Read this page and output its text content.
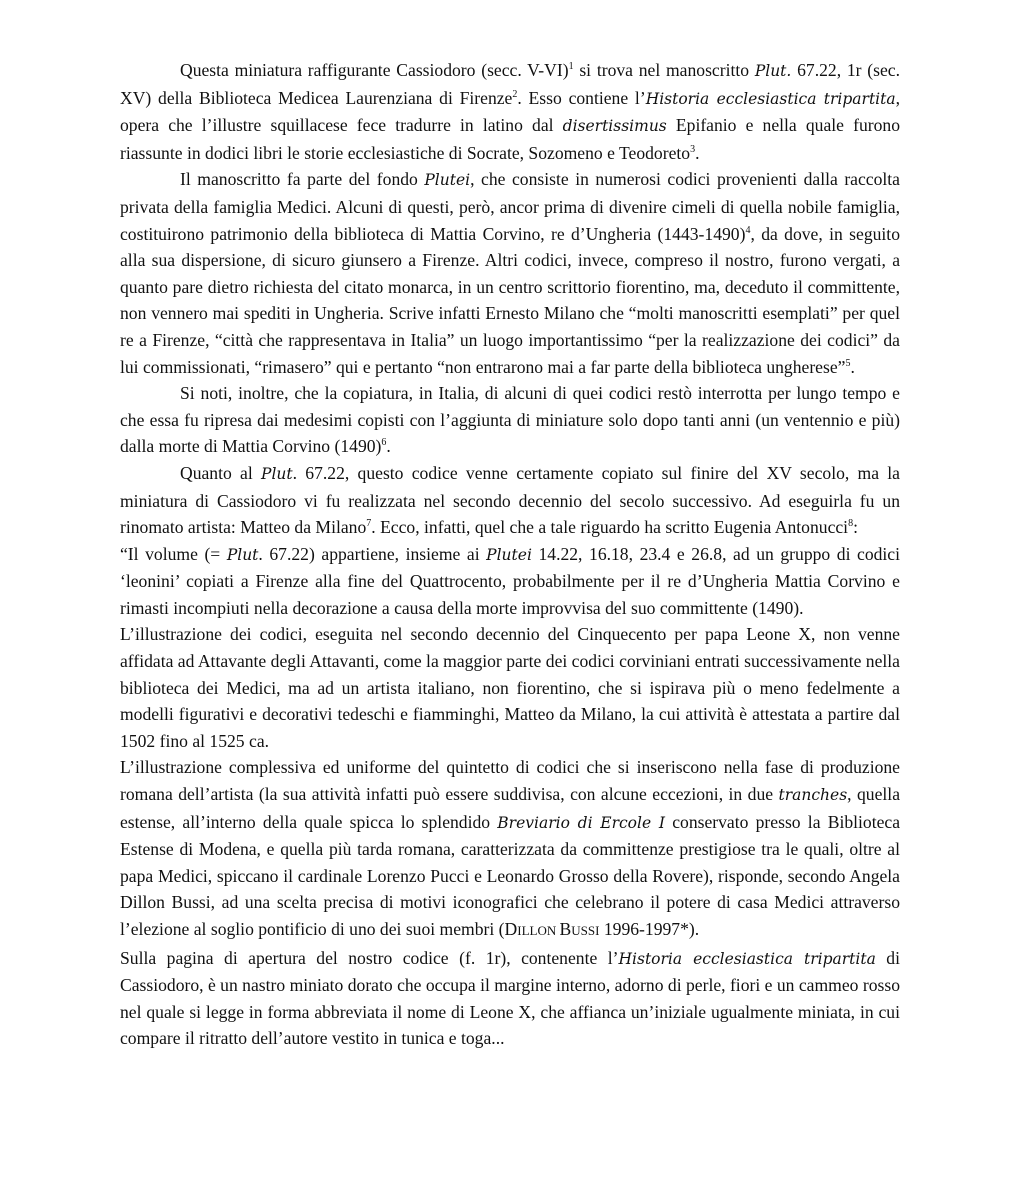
Questa miniatura raffigurante Cassiodoro (secc. V-VI)$^1$ si trova nel manoscritto Plut. 67.22, 1r (sec. XV) della Biblioteca Medicea Laurenziana di Firenze$^2$. Esso contiene l’Historia ecclesiastica tripartita, opera che l’illustre squillacese fece tradurre in latino dal disertissimus Epifanio e nella quale furono riassunte in dodici libri le storie ecclesiastiche di Socrate, Sozomeno e Teodoreto$^3$.

Il manoscritto fa parte del fondo Plutei, che consiste in numerosi codici provenienti dalla raccolta privata della famiglia Medici. Alcuni di questi, però, ancor prima di divenire cimeli di quella nobile famiglia, costituirono patrimonio della biblioteca di Mattia Corvino, re d’Ungheria (1443-1490)$^4$, da dove, in seguito alla sua dispersione, di sicuro giunsero a Firenze. Altri codici, invece, compreso il nostro, furono vergati, a quanto pare dietro richiesta del citato monarca, in un centro scrittorio fiorentino, ma, deceduto il committente, non vennero mai spediti in Ungheria. Scrive infatti Ernesto Milano che “molti manoscritti esemplati” per quel re a Firenze, “città che rappresentava in Italia” un luogo importantissimo “per la realizzazione dei codici” da lui commissionati, “rimasero” qui e pertanto “non entrarono mai a far parte della biblioteca ungherese”$^5$.

Si noti, inoltre, che la copiatura, in Italia, di alcuni di quei codici restò interrotta per lungo tempo e che essa fu ripresa dai medesimi copisti con l’aggiunta di miniature solo dopo tanti anni (un ventennio e più) dalla morte di Mattia Corvino $(1490)^6$.

Quanto al Plut. 67.22, questo codice venne certamente copiato sul finire del XV secolo, ma la miniatura di Cassiodoro vi fu realizzata nel secondo decennio del secolo successivo. Ad eseguirla fu un rinomato artista: Matteo da Milano$^7$. Ecco, infatti, quel che a tale riguardo ha scritto Eugenia Antonucci$^8$:

“Il volume (= Plut. 67.22) appartiene, insieme ai Plutei 14.22, 16.18, 23.4 e 26.8, ad un gruppo di codici ‘leonini’ copiati a Firenze alla fine del Quattrocento, probabilmente per il re d’Ungheria Mattia Corvino e rimasti incompiuti nella decorazione a causa della morte improvvisa del suo committente (1490).

L’illustrazione dei codici, eseguita nel secondo decennio del Cinquecento per papa Leone X, non venne affidata ad Attavante degli Attavanti, come la maggior parte dei codici corviniani entrati successivamente nella biblioteca dei Medici, ma ad un artista italiano, non fiorentino, che si ispirava più o meno fedelmente a modelli figurativi e decorativi tedeschi e fiamminghi, Matteo da Milano, la cui attività è attestata a partire dal 1502 fino al 1525 ca.

L’illustrazione complessiva ed uniforme del quintetto di codici che si inseriscono nella fase di produzione romana dell’artista (la sua attività infatti può essere suddivisa, con alcune eccezioni, in due tranches, quella estense, all’interno della quale spicca lo splendido Breviario di Ercole I conservato presso la Biblioteca Estense di Modena, e quella più tarda romana, caratterizzata da committenze prestigiose tra le quali, oltre al papa Medici, spiccano il cardinale Lorenzo Pucci e Leonardo Grosso della Rovere), risponde, secondo Angela Dillon Bussi, ad una scelta precisa di motivi iconografici che celebrano il potere di casa Medici attraverso l’elezione al soglio pontificio di uno dei suoi membri (DILLON BUSSI 1996-1997*).

Sulla pagina di apertura del nostro codice (f. 1r), contenente l’Historia ecclesiastica tripartita di Cassiodoro, è un nastro miniato dorato che occupa il margine interno, adorno di perle, fiori e un cammeo rosso nel quale si legge in forma abbreviata il nome di Leone X, che affianca un’iniziale ugualmente miniata, in cui compare il ritratto dell’autore vestito in tunica e toga...
